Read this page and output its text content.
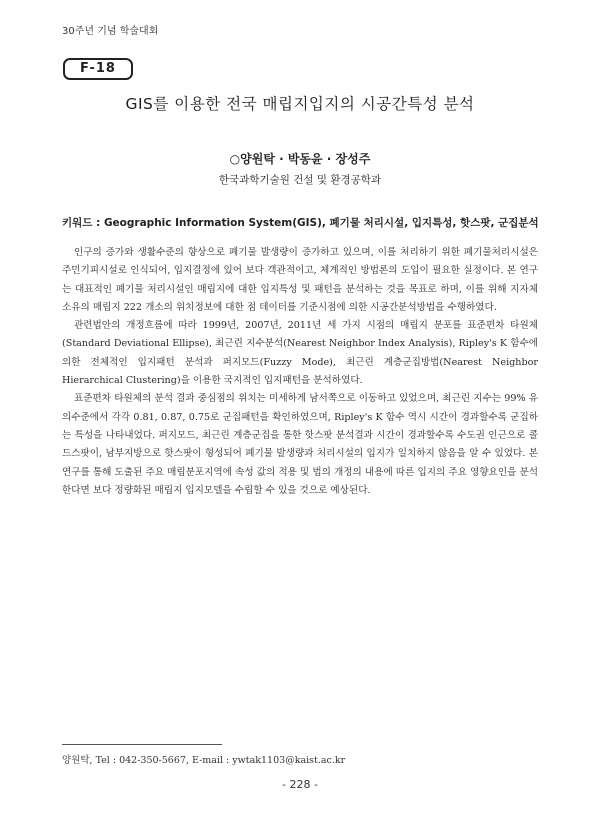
30주년 기념 학술대회
F-18
GIS를 이용한 전국 매립지입지의 시공간특성 분석
○양원탁 · 박동윤 · 장성주
한국과학기술원 건설 및 환경공학과
키워드 : Geographic Information System(GIS), 폐기물 처리시설, 입지특성, 핫스팟, 군집분석

인구의 증가와 생활수준의 향상으로 폐기물 발생량이 증가하고 있으며, 이를 처리하기 위한 폐기물처리시설은 주민기피시설로 인식되어, 입지결정에 있어 보다 객관적이고, 체계적인 방법론의 도입이 필요한 실정이다. 본 연구는 대표적인 폐기물 처리시설인 매립지에 대한 입지특성 및 패턴을 분석하는 것을 목표로 하며, 이를 위해 지자체 소유의 매립지 222 개소의 위치정보에 대한 점 데이터를 기준시점에 의한 시공간분석방법을 수행하였다.

관련법안의 개정흐름에 따라 1999년, 2007년, 2011년 세 가지 시점의 매립지 분포를 표준편차 타원체(Standard Deviational Ellipse), 최근린 지수분석(Nearest Neighbor Index Analysis), Ripley's K 함수에 의한 전체적인 입지패턴 분석과 퍼지모드(Fuzzy Mode), 최근린 계층군집방법(Nearest Neighbor Hierarchical Clustering)을 이용한 국지적인 입지패턴을 분석하였다.

표준편차 타원체의 분석 결과 중심점의 위치는 미세하게 남서쪽으로 이동하고 있었으며, 최근린 지수는 99% 유의수준에서 각각 0.81, 0.87, 0.75로 군집패턴을 확인하였으며, Ripley's K 함수 역시 시간이 경과할수록 군집하는 특성을 나타내었다. 퍼지모드, 최근린 계층군집을 통한 핫스팟 분석결과 시간이 경과할수록 수도권 인근으로 콜드스팟이, 남부지방으로 핫스팟이 형성되어 폐기물 발생량과 처리시설의 입지가 일치하지 않음을 알 수 있었다. 본 연구를 통해 도출된 주요 매립분포지역에 속성 값의 적용 및 법의 개정의 내용에 따른 입지의 주요 영향요인을 분석한다면 보다 정량화된 매립지 입지모델을 수립할 수 있을 것으로 예상된다.

양원탁, Tel : 042-350-5667, E-mail : ywtak1103@kaist.ac.kr
- 228 -
